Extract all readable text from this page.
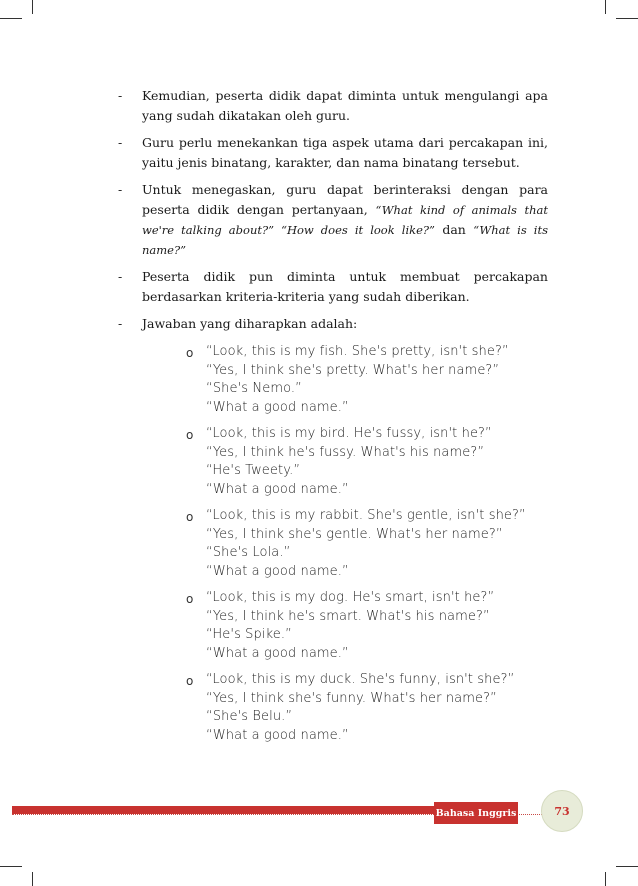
-	Kemudian, peserta didik dapat diminta untuk mengulangi apa yang sudah dikatakan oleh guru.
-	Guru perlu menekankan tiga aspek utama dari percakapan ini, yaitu jenis binatang, karakter, dan nama binatang tersebut.
-	Untuk menegaskan, guru dapat berinteraksi dengan para peserta didik dengan pertanyaan, “What kind of animals that we're talking about?” “How does it look like?” dan “What is its name?”
-	Peserta didik pun diminta untuk membuat percakapan berdasarkan kriteria-kriteria yang sudah diberikan.
-	Jawaban yang diharapkan adalah:
o “Look, this is my fish. She's pretty, isn't she?”
“Yes, I think she's pretty. What's her name?”
“She's Nemo.”
“What a good name.”
o “Look, this is my bird. He's fussy, isn't he?”
“Yes, I think he's fussy. What's his name?”
“He's Tweety.”
“What a good name.”
o “Look, this is my rabbit. She's gentle, isn't she?”
“Yes, I think she's gentle. What's her name?”
“She's Lola.”
“What a good name.”
o “Look, this is my dog. He's smart, isn't he?”
“Yes, I think he's smart. What's his name?”
“He's Spike.”
“What a good name.”
o “Look, this is my duck. She's funny, isn't she?”
“Yes, I think she's funny. What's her name?”
“She's Belu.”
“What a good name.”
Bahasa Inggris	73
